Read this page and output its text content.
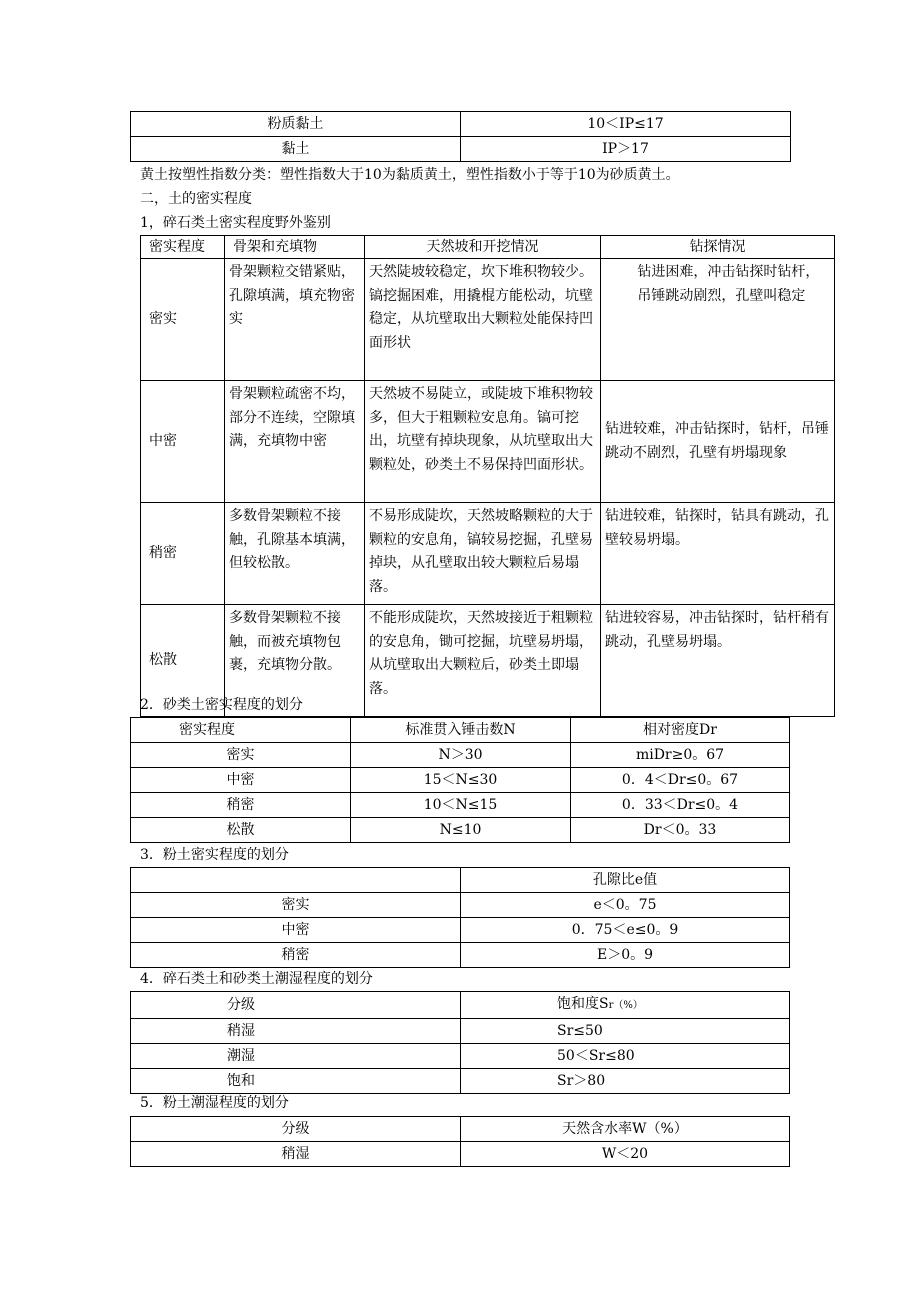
粉质黏土	10＜IP≤17
黏土	IP＞17
黄土按塑性指数分类：塑性指数大于10为黏质黄土，塑性指数小于等于10为砂质黄土。
二，土的密实程度
1，碎石类土密实程度野外鉴别
密实程度	骨架和充填物	天然坡和开挖情况	钻探情况
密实	骨架颗粒交错紧贴，孔隙填满，填充物密实	天然陡坡较稳定，坎下堆积物较少。镐挖掘困难，用撬棍方能松动，坑壁稳定，从坑壁取出大颗粒处能保持凹面形状	钻进困难，冲击钻探时钻杆，吊锤跳动剧烈，孔壁叫稳定
中密	骨架颗粒疏密不均，部分不连续，空隙填满，充填物中密	天然坡不易陡立，或陡坡下堆积物较多，但大于粗颗粒安息角。镐可挖出，坑壁有掉块现象，从坑壁取出大颗粒处，砂类土不易保持凹面形状。	钻进较难，冲击钻探时，钻杆，吊锤跳动不剧烈，孔壁有坍塌现象
稍密	多数骨架颗粒不接触，孔隙基本填满，但较松散。	不易形成陡坎，天然坡略颗粒的大于颗粒的安息角，镐较易挖掘，孔壁易掉块，从孔壁取出较大颗粒后易塌落。	钻进较难，钻探时，钻具有跳动，孔壁较易坍塌。
松散	多数骨架颗粒不接触，而被充填物包裹，充填物分散。	不能形成陡坎，天然坡接近于粗颗粒的安息角，锄可挖掘，坑壁易坍塌，从坑壁取出大颗粒后，砂类土即塌落。	钻进较容易，冲击钻探时，钻杆稍有跳动，孔壁易坍塌。
2．砂类土密实程度的划分
密实程度	标准贯入锤击数N	相对密度Dr
密实	N＞30	miDr≥0。67
中密	15＜N≤30	0．4＜Dr≤0。67
稍密	10＜N≤15	0．33＜Dr≤0。4
松散	N≤10	Dr＜0。33
3．粉土密实程度的划分
	孔隙比e值
密实	e＜0。75
中密	0．75＜e≤0。9
稍密	E＞0。9
4．碎石类土和砂类土潮湿程度的划分
分级	饱和度Sr（%）
稍湿	Sr≤50
潮湿	50＜Sr≤80
饱和	Sr＞80
5．粉土潮湿程度的划分
分级	天然含水率W（%）
稍湿	W＜20
